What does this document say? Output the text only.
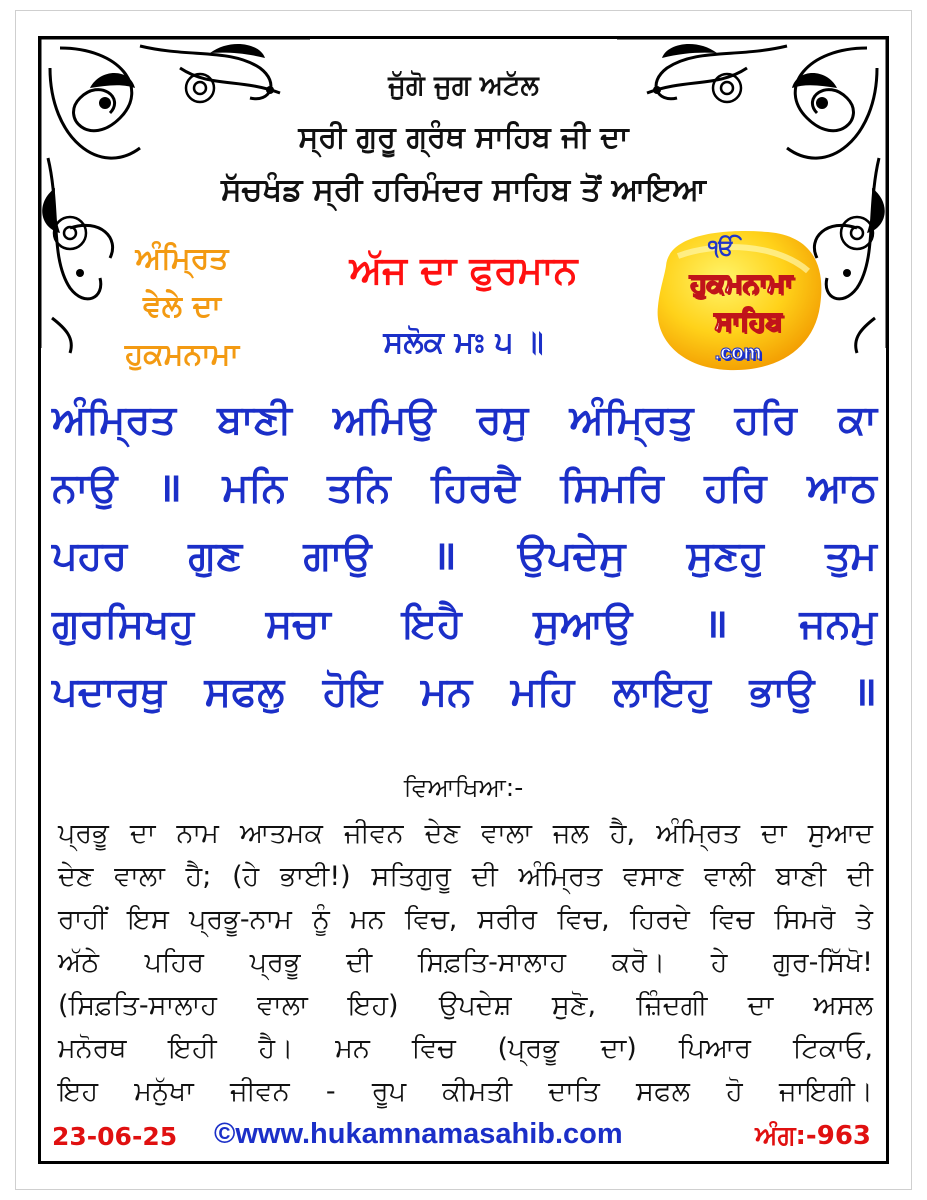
ਜੁੱਗੋ ਜੁਗ ਅਟੱਲ
ਸ੍ਰੀ ਗੁਰੂ ਗ੍ਰੰਥ ਸਾਹਿਬ ਜੀ ਦਾ
ਸੱਚਖੰਡ ਸ੍ਰੀ ਹਰਿਮੰਦਰ ਸਾਹਿਬ ਤੋਂ ਆਇਆ
ਅੰਮ੍ਰਿਤ
ਵੇਲੇ ਦਾ
ਹੁਕਮਨਾਮਾ
ਅੱਜ ਦਾ ਫੁਰਮਾਨ
ਸਲੋਕ ਮਃ ੫ ॥
ੴ
ਹੁਕਮਨਾਮਾ
ਸਾਹਿਬ
.com
ਅੰਮ੍ਰਿਤ ਬਾਣੀ ਅਮਿਉ ਰਸੁ ਅੰਮ੍ਰਿਤੁ ਹਰਿ ਕਾ
ਨਾਉ ॥ ਮਨਿ ਤਨਿ ਹਿਰਦੈ ਸਿਮਰਿ ਹਰਿ ਆਠ
ਪਹਰ ਗੁਣ ਗਾਉ ॥ ਉਪਦੇਸੁ ਸੁਣਹੁ ਤੁਮ
ਗੁਰਸਿਖਹੁ ਸਚਾ ਇਹੈ ਸੁਆਉ ॥ ਜਨਮੁ
ਪਦਾਰਥੁ ਸਫਲੁ ਹੋਇ ਮਨ ਮਹਿ ਲਾਇਹੁ ਭਾਉ ॥
ਵਿਆਖਿਆ:-
ਪ੍ਰਭੂ ਦਾ ਨਾਮ ਆਤਮਕ ਜੀਵਨ ਦੇਣ ਵਾਲਾ ਜਲ ਹੈ, ਅੰਮ੍ਰਿਤ ਦਾ ਸੁਆਦ
ਦੇਣ ਵਾਲਾ ਹੈ; (ਹੇ ਭਾਈ!) ਸਤਿਗੁਰੂ ਦੀ ਅੰਮ੍ਰਿਤ ਵਸਾਣ ਵਾਲੀ ਬਾਣੀ ਦੀ
ਰਾਹੀਂ ਇਸ ਪ੍ਰਭੂ-ਨਾਮ ਨੂੰ ਮਨ ਵਿਚ, ਸਰੀਰ ਵਿਚ, ਹਿਰਦੇ ਵਿਚ ਸਿਮਰੋ ਤੇ
ਅੱਠੇ ਪਹਿਰ ਪ੍ਰਭੂ ਦੀ ਸਿਫ਼ਤਿ-ਸਾਲਾਹ ਕਰੋ। ਹੇ ਗੁਰ-ਸਿੱਖੋ!
(ਸਿਫ਼ਤਿ-ਸਾਲਾਹ ਵਾਲਾ ਇਹ) ਉਪਦੇਸ਼ ਸੁਣੋ, ਜ਼ਿੰਦਗੀ ਦਾ ਅਸਲ
ਮਨੋਰਥ ਇਹੀ ਹੈ। ਮਨ ਵਿਚ (ਪ੍ਰਭੂ ਦਾ) ਪਿਆਰ ਟਿਕਾਓ,
ਇਹ ਮਨੁੱਖਾ ਜੀਵਨ - ਰੂਪ ਕੀਮਤੀ ਦਾਤਿ ਸਫਲ ਹੋ ਜਾਇਗੀ।
23-06-25 ©www.hukamnamasahib.com	ਅੰਗ:-963
